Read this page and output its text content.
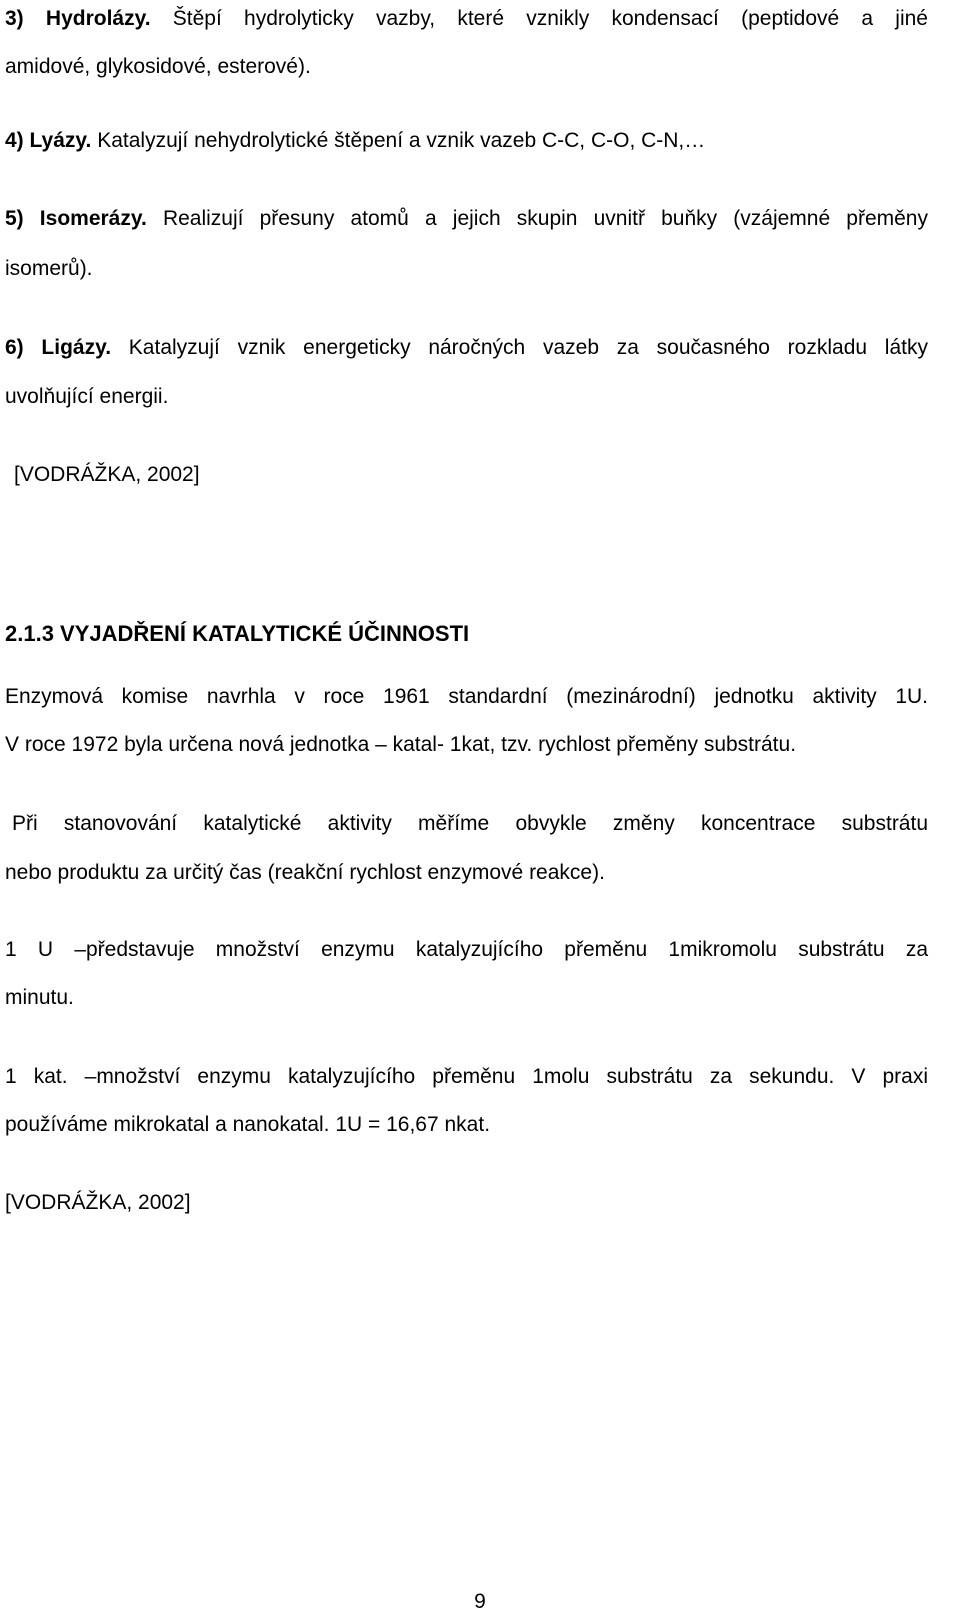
3) Hydrolázy. Štěpí hydrolyticky vazby, které vznikly kondensací (peptidové a jiné

amidové, glykosidové, esterové).

4) Lyázy. Katalyzují nehydrolytické štěpení a vznik vazeb C-C, C-O, C-N,…

5) Isomerázy. Realizují přesuny atomů a jejich skupin uvnitř buňky (vzájemné přeměny

isomerů).

6) Ligázy. Katalyzují vznik energeticky náročných vazeb za současného rozkladu látky

uvolňující energii.

[VODRÁŽKA, 2002]

2.1.3 VYJADŘENÍ KATALYTICKÉ ÚČINNOSTI

Enzymová komise navrhla v roce 1961 standardní (mezinárodní) jednotku aktivity 1U.

V roce 1972 byla určena nová jednotka – katal- 1kat, tzv. rychlost přeměny substrátu.

Při stanovování katalytické aktivity měříme obvykle změny koncentrace substrátu

nebo produktu za určitý čas (reakční rychlost enzymové reakce).

1 U –představuje množství enzymu katalyzujícího přeměnu 1mikromolu substrátu za

minutu.

1 kat. –množství enzymu katalyzujícího přeměnu 1molu substrátu za sekundu. V praxi

používáme mikrokatal a nanokatal. 1U = 16,67 nkat.

[VODRÁŽKA, 2002]

9
